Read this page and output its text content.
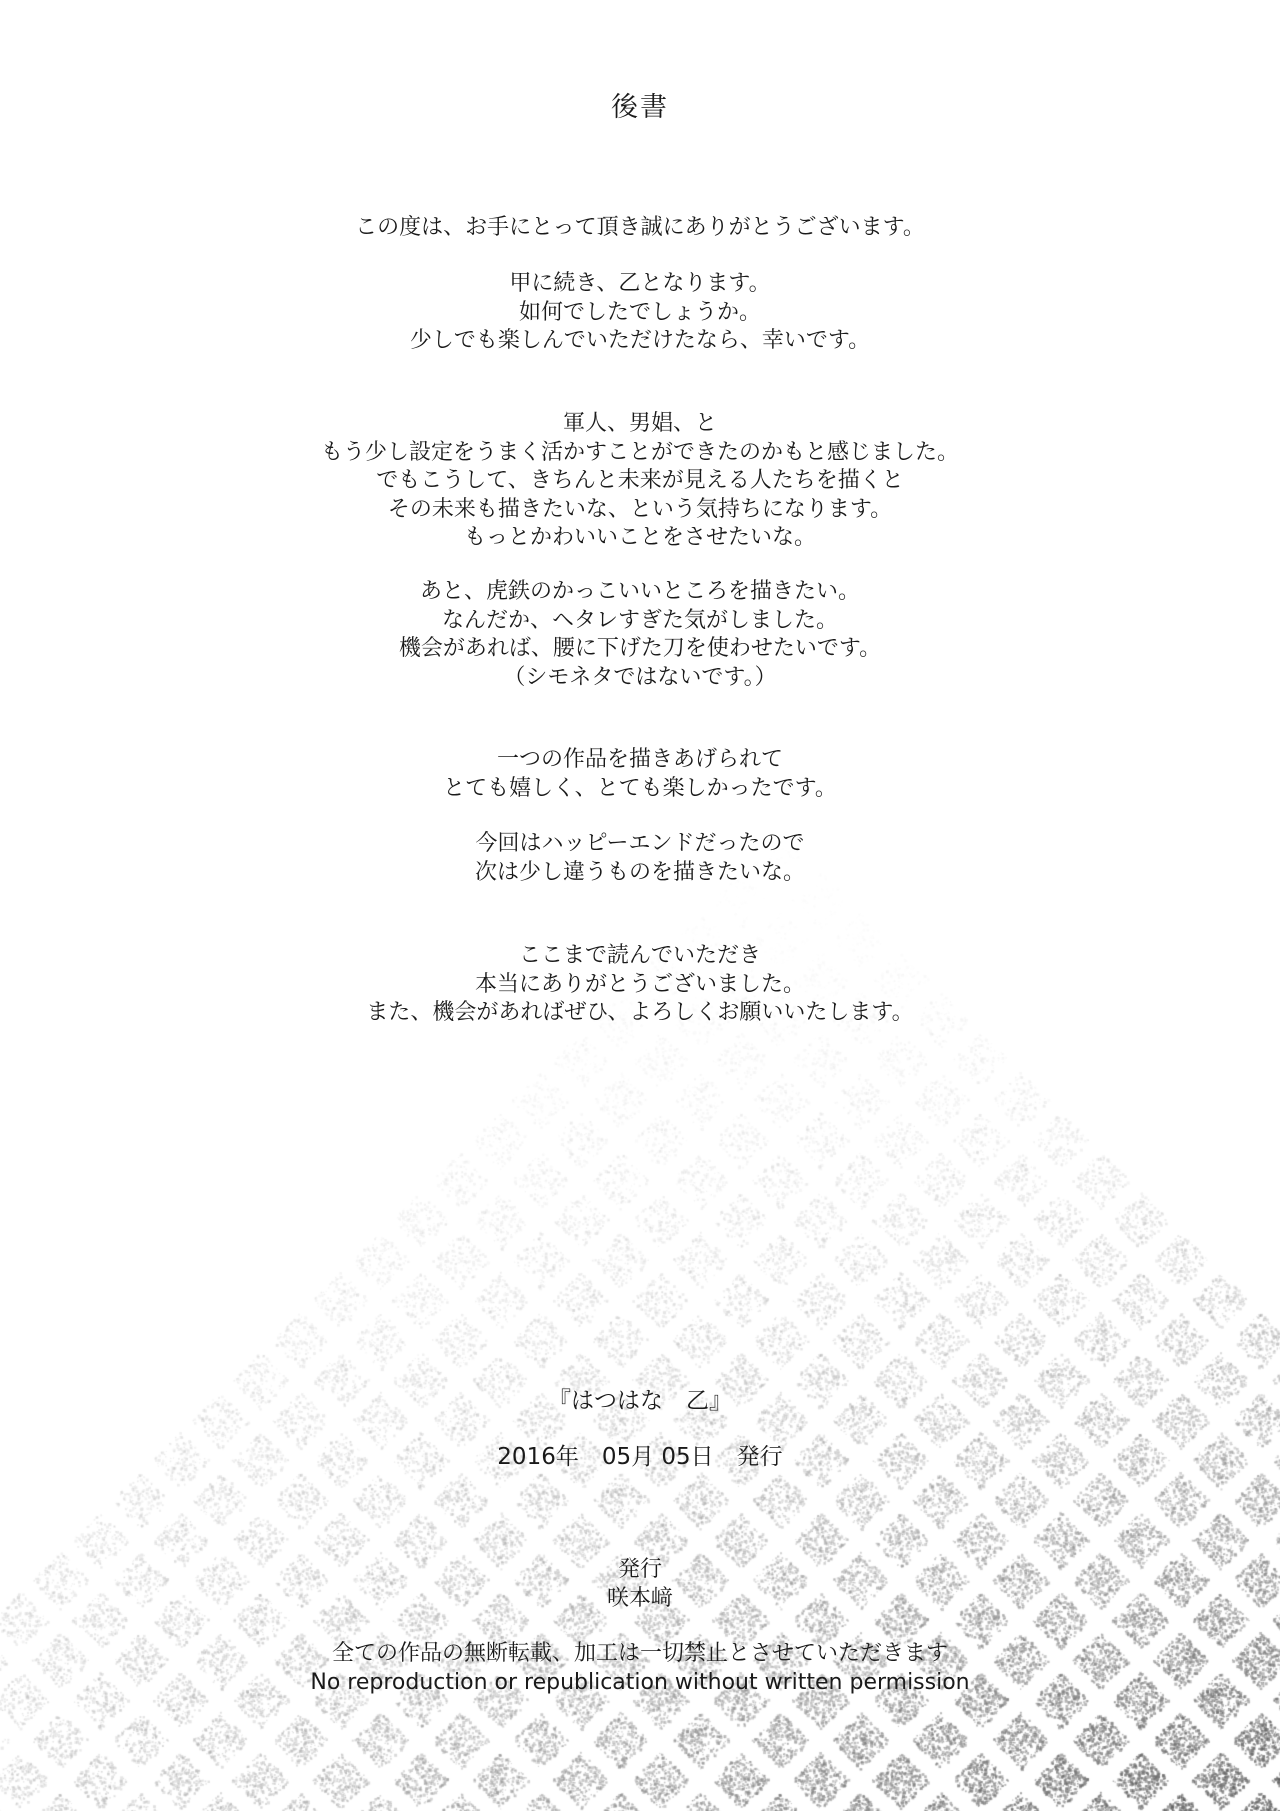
後書
この度は、お手にとって頂き誠にありがとうございます。
甲に続き、乙となります。
如何でしたでしょうか。
少しでも楽しんでいただけたなら、幸いです。
軍人、男娼、と
もう少し設定をうまく活かすことができたのかもと感じました。
でもこうして、きちんと未来が見える人たちを描くと
その未来も描きたいな、という気持ちになります。
もっとかわいいことをさせたいな。
あと、虎鉄のかっこいいところを描きたい。
なんだか、ヘタレすぎた気がしました。
機会があれば、腰に下げた刀を使わせたいです。
（シモネタではないです。）
一つの作品を描きあげられて
とても嬉しく、とても楽しかったです。
今回はハッピーエンドだったので
次は少し違うものを描きたいな。
ここまで読んでいただき
本当にありがとうございました。
また、機会があればぜひ、よろしくお願いいたします。
『はつはな　乙』
2016年　05月 05日　発行
発行
咲本﨑
全ての作品の無断転載、加工は一切禁止とさせていただきます
No reproduction or republication without written permission
